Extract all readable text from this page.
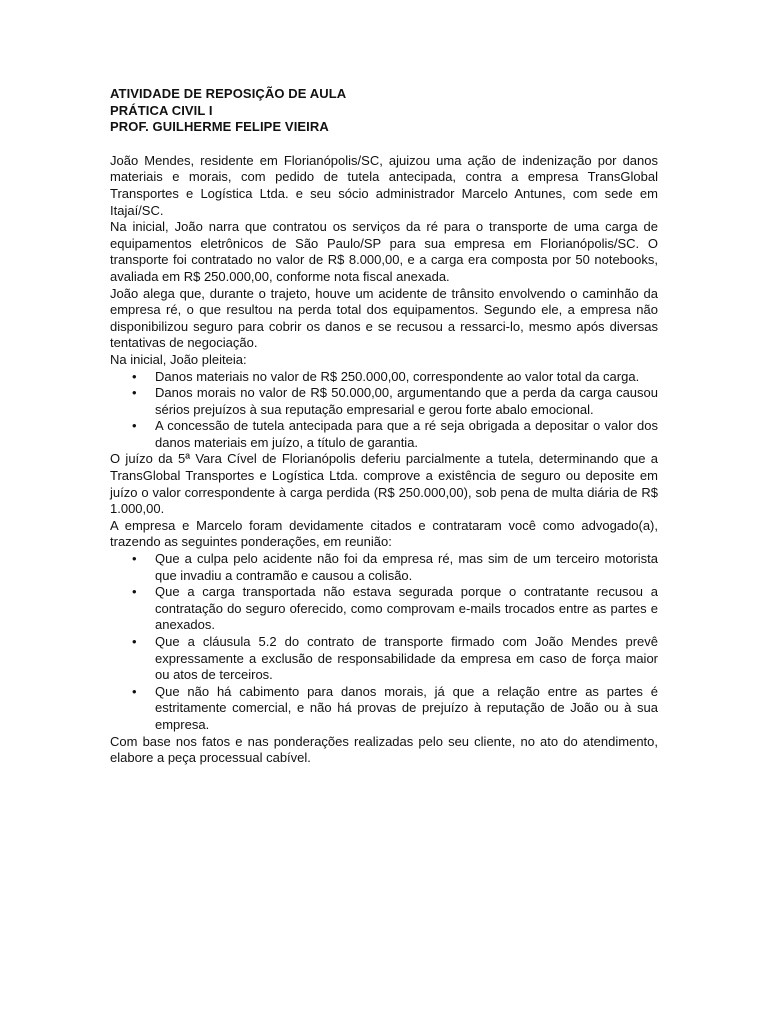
ATIVIDADE DE REPOSIÇÃO DE AULA
PRÁTICA CIVIL I
PROF. GUILHERME FELIPE VIEIRA

João Mendes, residente em Florianópolis/SC, ajuizou uma ação de indenização por danos materiais e morais, com pedido de tutela antecipada, contra a empresa TransGlobal Transportes e Logística Ltda. e seu sócio administrador Marcelo Antunes, com sede em Itajaí/SC.

Na inicial, João narra que contratou os serviços da ré para o transporte de uma carga de equipamentos eletrônicos de São Paulo/SP para sua empresa em Florianópolis/SC. O transporte foi contratado no valor de R$ 8.000,00, e a carga era composta por 50 notebooks, avaliada em R$ 250.000,00, conforme nota fiscal anexada.

João alega que, durante o trajeto, houve um acidente de trânsito envolvendo o caminhão da empresa ré, o que resultou na perda total dos equipamentos. Segundo ele, a empresa não disponibilizou seguro para cobrir os danos e se recusou a ressarci-lo, mesmo após diversas tentativas de negociação.

Na inicial, João pleiteia:

• Danos materiais no valor de R$ 250.000,00, correspondente ao valor total da carga.
• Danos morais no valor de R$ 50.000,00, argumentando que a perda da carga causou sérios prejuízos à sua reputação empresarial e gerou forte abalo emocional.
• A concessão de tutela antecipada para que a ré seja obrigada a depositar o valor dos danos materiais em juízo, a título de garantia.

O juízo da 5ª Vara Cível de Florianópolis deferiu parcialmente a tutela, determinando que a TransGlobal Transportes e Logística Ltda. comprove a existência de seguro ou deposite em juízo o valor correspondente à carga perdida (R$ 250.000,00), sob pena de multa diária de R$ 1.000,00.

A empresa e Marcelo foram devidamente citados e contrataram você como advogado(a), trazendo as seguintes ponderações, em reunião:

• Que a culpa pelo acidente não foi da empresa ré, mas sim de um terceiro motorista que invadiu a contramão e causou a colisão.
• Que a carga transportada não estava segurada porque o contratante recusou a contratação do seguro oferecido, como comprovam e-mails trocados entre as partes e anexados.
• Que a cláusula 5.2 do contrato de transporte firmado com João Mendes prevê expressamente a exclusão de responsabilidade da empresa em caso de força maior ou atos de terceiros.
• Que não há cabimento para danos morais, já que a relação entre as partes é estritamente comercial, e não há provas de prejuízo à reputação de João ou à sua empresa.

Com base nos fatos e nas ponderações realizadas pelo seu cliente, no ato do atendimento, elabore a peça processual cabível.
